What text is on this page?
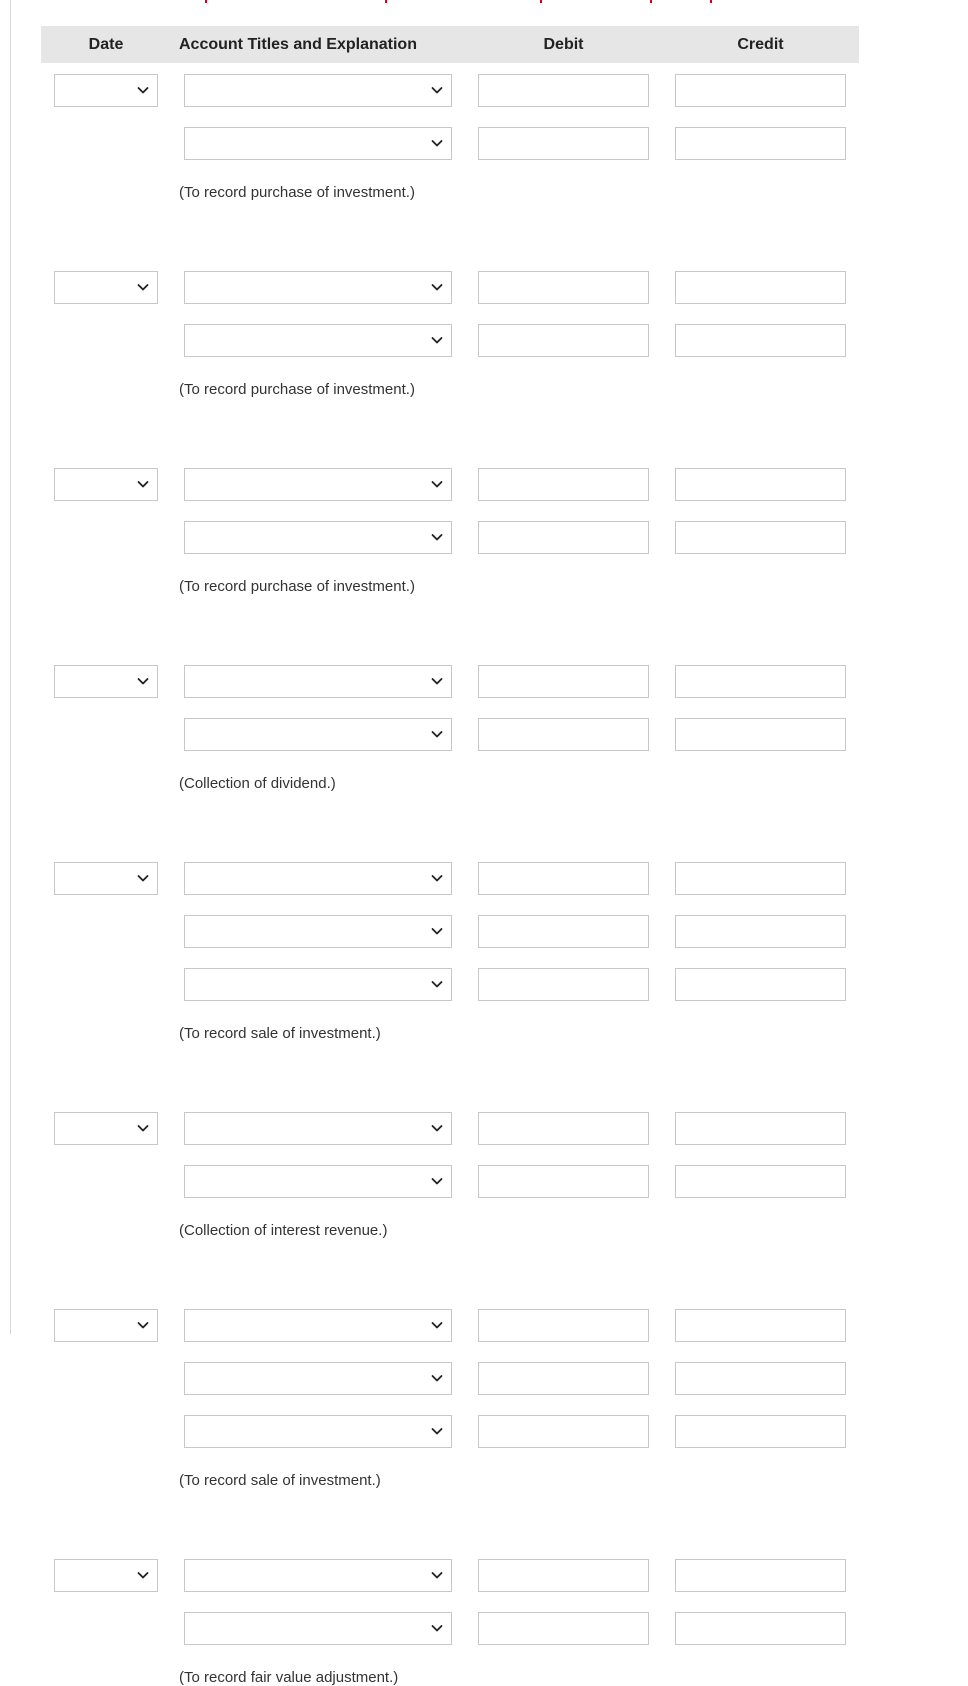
Date	Account Titles and Explanation	Debit	Credit
(To record purchase of investment.)
(To record purchase of investment.)
(To record purchase of investment.)
(Collection of dividend.)
(To record sale of investment.)
(Collection of interest revenue.)
(To record sale of investment.)
(To record fair value adjustment.)
